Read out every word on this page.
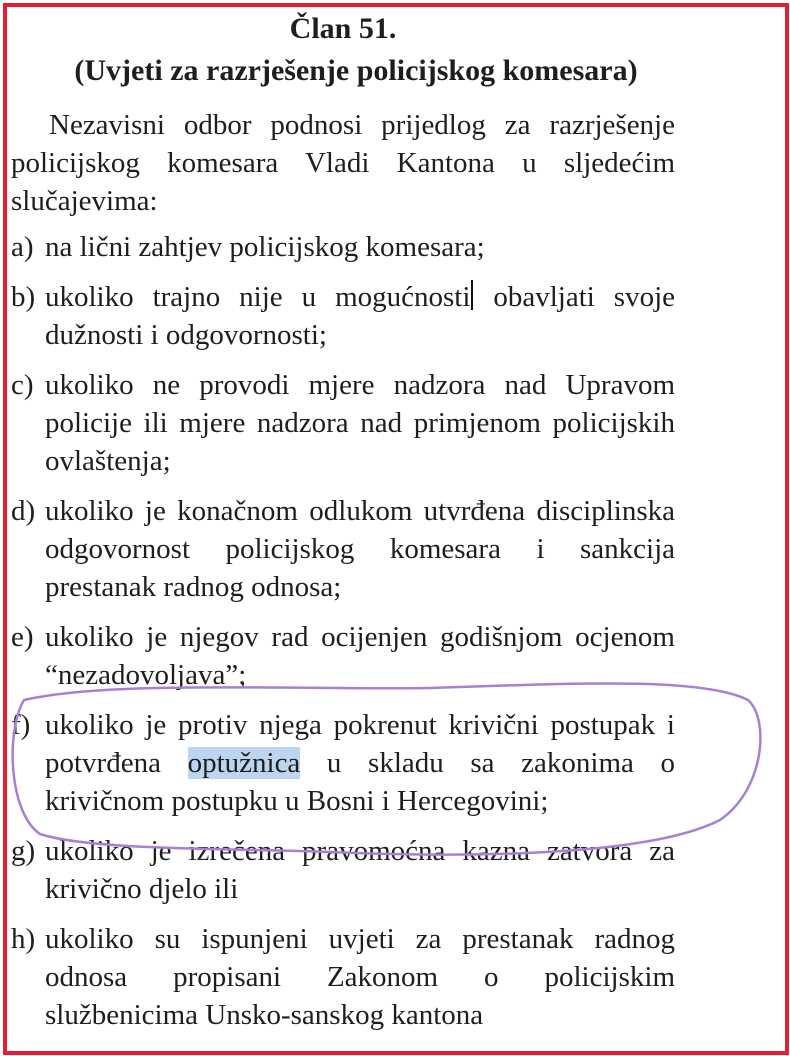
Član 51.
(Uvjeti za razrješenje policijskog komesara)

Nezavisni odbor podnosi prijedlog za razrješenje policijskog komesara Vladi Kantona u sljedećim slučajevima:

a) na lični zahtjev policijskog komesara;
b) ukoliko trajno nije u mogućnosti obavljati svoje dužnosti i odgovornosti;
c) ukoliko ne provodi mjere nadzora nad Upravom policije ili mjere nadzora nad primjenom policijskih ovlaštenja;
d) ukoliko je konačnom odlukom utvrđena disciplinska odgovornost policijskog komesara i sankcija prestanak radnog odnosa;
e) ukoliko je njegov rad ocijenjen godišnjom ocjenom “nezadovoljava”;
f) ukoliko je protiv njega pokrenut krivični postupak i potvrđena optužnica u skladu sa zakonima o krivičnom postupku u Bosni i Hercegovini;
g) ukoliko je izrečena pravomoćna kazna zatvora za krivično djelo ili
h) ukoliko su ispunjeni uvjeti za prestanak radnog odnosa propisani Zakonom o policijskim službenicima Unsko-sanskog kantona
